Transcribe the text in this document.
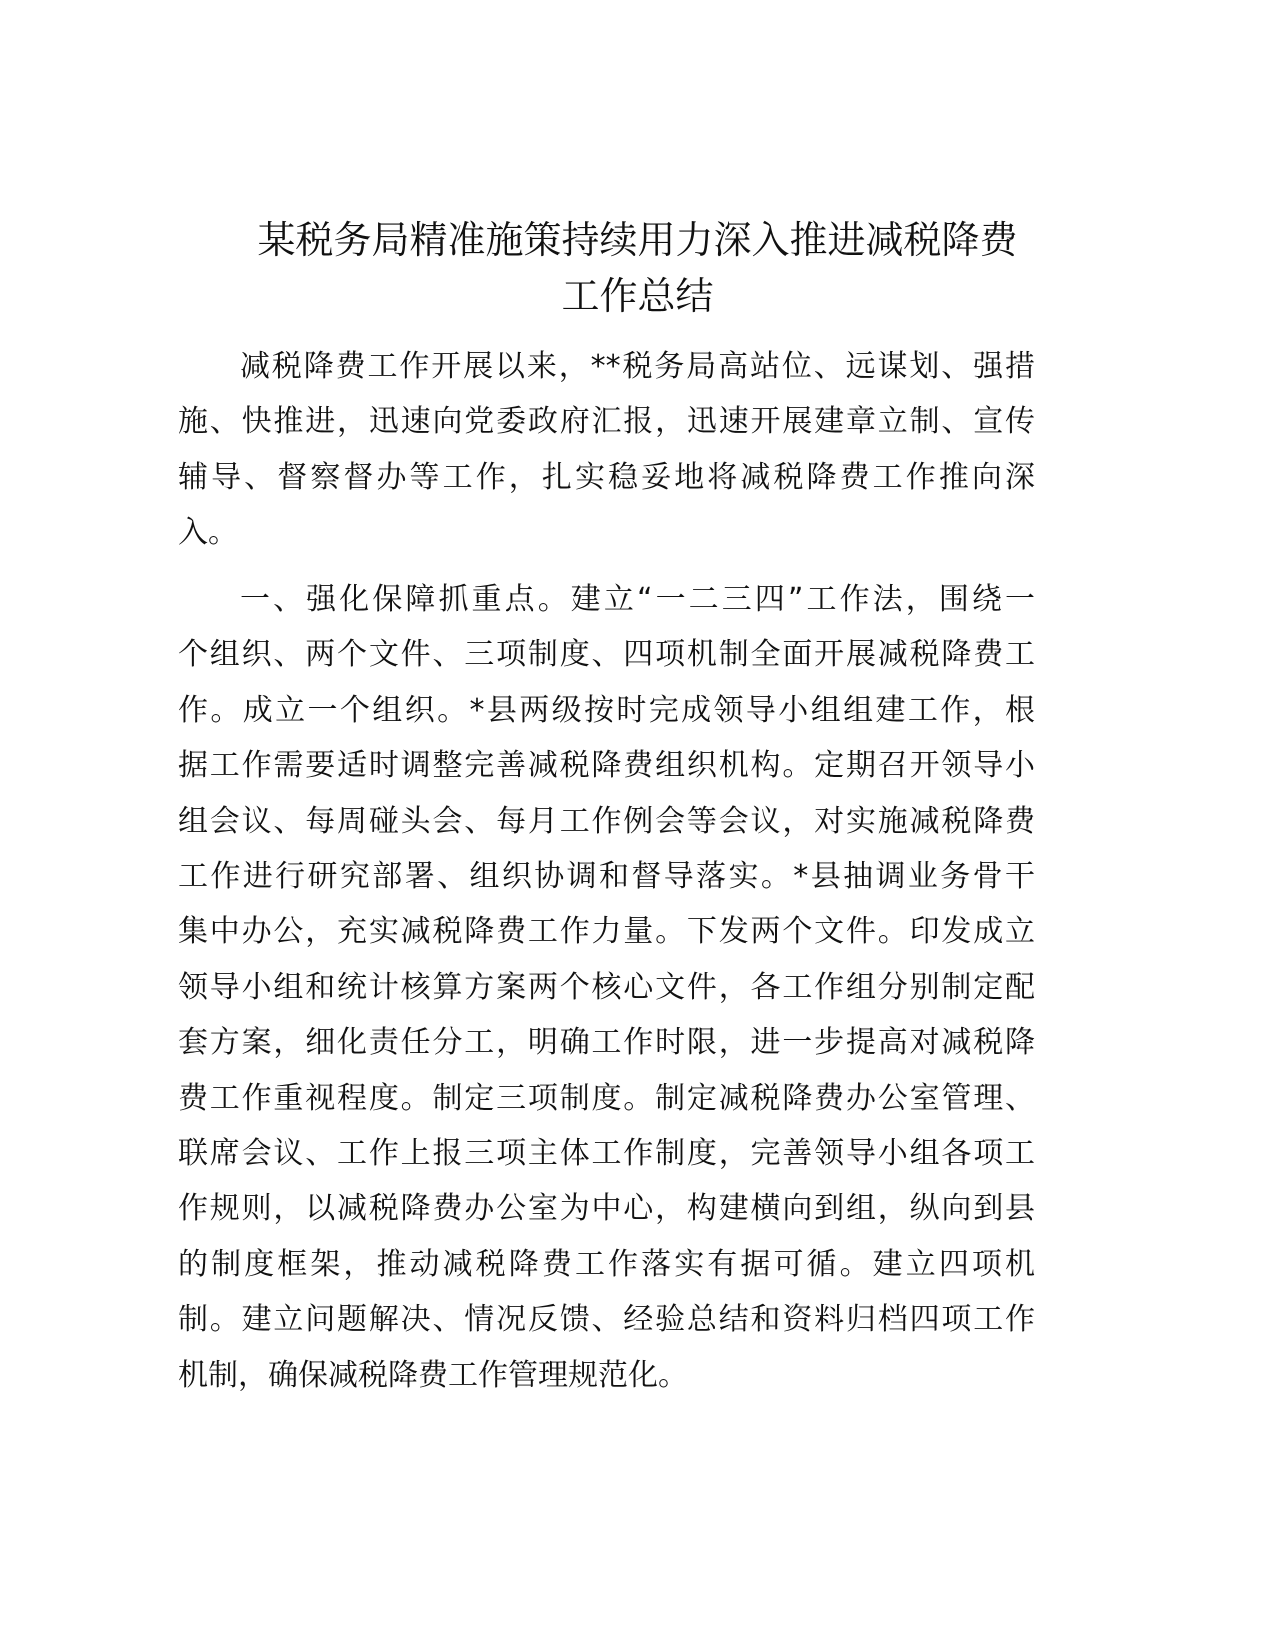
某税务局精准施策持续用力深入推进减税降费
工作总结
减税降费工作开展以来，**税务局高站位、远谋划、强措
施、快推进，迅速向党委政府汇报，迅速开展建章立制、宣传
辅导、督察督办等工作，扎实稳妥地将减税降费工作推向深
入。
一、强化保障抓重点。建立“一二三四”工作法，围绕一
个组织、两个文件、三项制度、四项机制全面开展减税降费工
作。成立一个组织。*县两级按时完成领导小组组建工作，根
据工作需要适时调整完善减税降费组织机构。定期召开领导小
组会议、每周碰头会、每月工作例会等会议，对实施减税降费
工作进行研究部署、组织协调和督导落实。*县抽调业务骨干
集中办公，充实减税降费工作力量。下发两个文件。印发成立
领导小组和统计核算方案两个核心文件，各工作组分别制定配
套方案，细化责任分工，明确工作时限，进一步提高对减税降
费工作重视程度。制定三项制度。制定减税降费办公室管理、
联席会议、工作上报三项主体工作制度，完善领导小组各项工
作规则，以减税降费办公室为中心，构建横向到组，纵向到县
的制度框架，推动减税降费工作落实有据可循。建立四项机
制。建立问题解决、情况反馈、经验总结和资料归档四项工作
机制，确保减税降费工作管理规范化。
